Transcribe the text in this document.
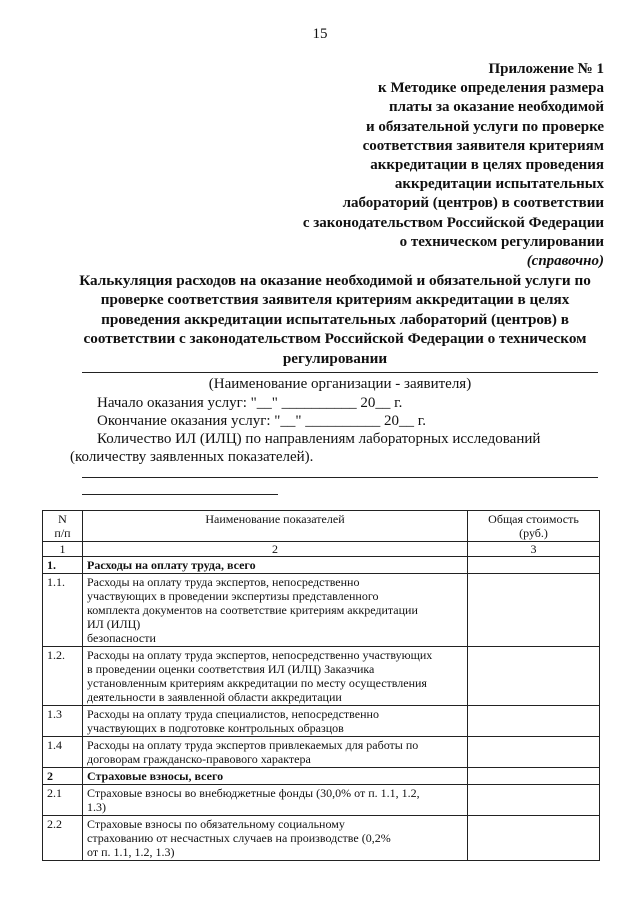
15
Приложение № 1
к Методике определения размера
платы за оказание необходимой
и обязательной услуги по проверке
соответствия заявителя критериям
аккредитации в целях проведения
аккредитации испытательных
лабораторий (центров) в соответствии
с законодательством Российской Федерации
о техническом регулировании
(справочно)
Калькуляция расходов на оказание необходимой и обязательной услуги по проверке соответствия заявителя критериям аккредитации в целях проведения аккредитации испытательных лабораторий (центров) в соответствии с законодательством Российской Федерации о техническом регулировании
(Наименование организации - заявителя)
Начало оказания услуг: "__" __________ 20__ г.
Окончание оказания услуг: "__" __________ 20__ г.
Количество ИЛ (ИЛЦ) по направлениям лабораторных исследований
(количеству заявленных показателей).
N
п/п	Наименование показателей	Общая стоимость
(руб.)
1	2	3
1.	Расходы на оплату труда, всего	
1.1.	Расходы на оплату труда экспертов, непосредственно
участвующих в проведении экспертизы представленного
комплекта документов на соответствие критериям аккредитации
ИЛ (ИЛЦ)
безопасности	
1.2.	Расходы на оплату труда экспертов, непосредственно участвующих
в проведении оценки соответствия ИЛ (ИЛЦ) Заказчика
установленным критериям аккредитации по месту осуществления
деятельности в заявленной области аккредитации	
1.3	Расходы на оплату труда специалистов, непосредственно
участвующих в подготовке контрольных образцов	
1.4	Расходы на оплату труда экспертов привлекаемых для работы по
договорам гражданско-правового характера	
2	Страховые взносы, всего	
2.1	Страховые взносы во внебюджетные фонды (30,0% от п. 1.1, 1.2,
1.3)	
2.2	Страховые взносы по обязательному социальному
страхованию от несчастных случаев на производстве (0,2%
от п. 1.1, 1.2, 1.3)	
